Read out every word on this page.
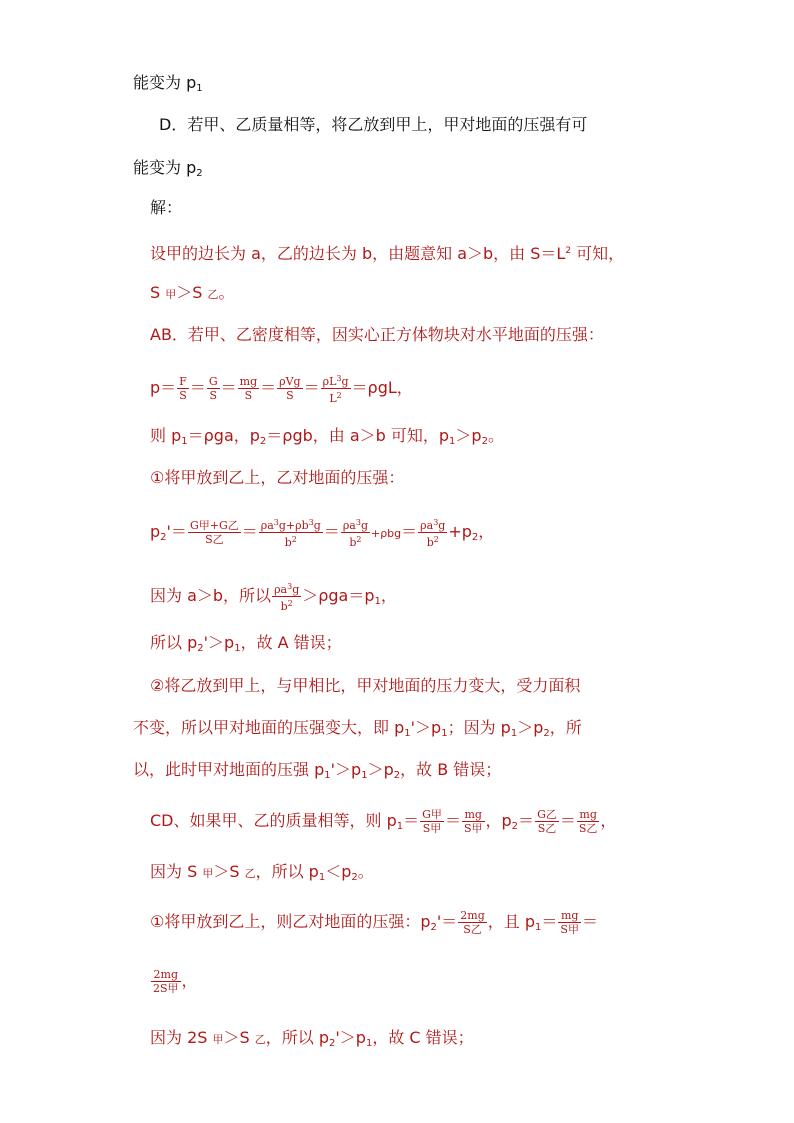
能变为 $p_1$
D．若甲、乙质量相等，将乙放到甲上，甲对地面的压强有可
能变为 $p_2$
解：
设甲的边长为 a，乙的边长为 b，由题意知 a＞b，由 $S=L^2$ 可知，
S 甲＞S 乙。
AB．若甲、乙密度相等，因实心正方体物块对水平地面的压强：
$p= \frac{F}{S} = \frac{G}{S} = \frac{mg}{S} = \frac{\text{ρVg}}{S} = \frac{\rho L^3g}{L^2} =\rho gL$，
则 $p_1=\rho ga$，$p_2=\rho gb$，由 a＞b 可知，$p_1>p_2$。
①将甲放到乙上，乙对地面的压强：
$p_2'= \frac{\text{G甲+G乙}}{\text{S乙}} = \frac{\rho a^3g+\rho b^3g}{b^2} = \frac{\rho a^3g}{b^2} +\rho bg= \frac{\rho a^3g}{b^2} +p_2$，
因为 a＞b，所以 $\frac{\rho a^3g}{b^2} >\rho ga=p_1$，
所以 $p_2'>p_1$，故 A 错误；
②将乙放到甲上，与甲相比，甲对地面的压力变大，受力面积
不变，所以甲对地面的压强变大，即 $p_1'>p_1$；因为 $p_1>p_2$，所
以，此时甲对地面的压强 $p_1'>p_1>p_2$，故 B 错误；
CD、如果甲、乙的质量相等，则 $p_1= \frac{\text{G甲}}{\text{S甲}} = \frac{mg}{\text{S甲}}$ ，$p_2= \frac{\text{G乙}}{\text{S乙}} = \frac{mg}{\text{S乙}}$ ，
因为 S 甲＞S 乙，所以 $p_1<p_2$。
①将甲放到乙上，则乙对地面的压强：$p_2'= \frac{2mg}{\text{S乙}}$ ，且 $p_1= \frac{mg}{\text{S甲}}$ ＝
$\frac{2mg}{\text{2S甲}}$ ，
因为 2S 甲＞S 乙，所以 $p_2'>p_1$，故 C 错误；
